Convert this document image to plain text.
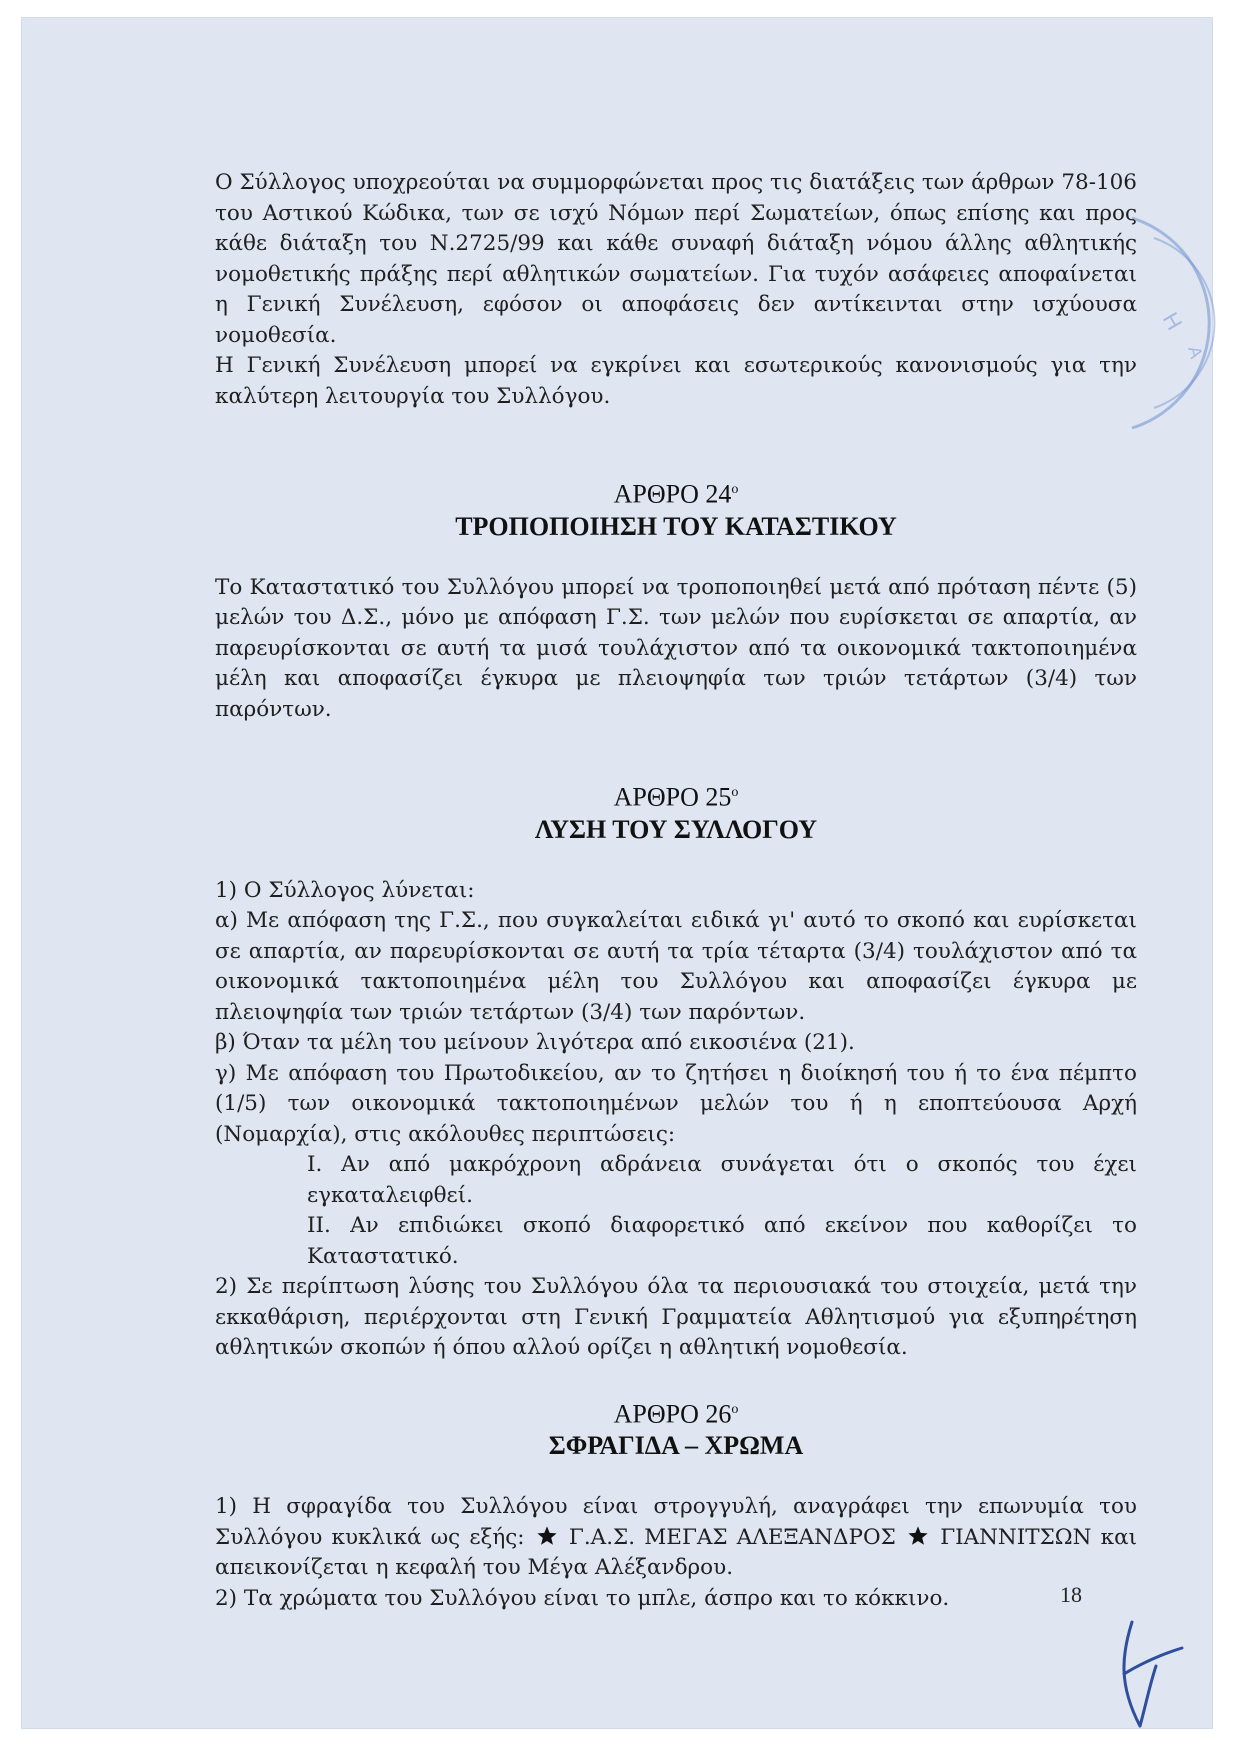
H
A

Ο Σύλλογος υποχρεούται να συμμορφώνεται προς τις διατάξεις των άρθρων 78-106 του Αστικού Κώδικα, των σε ισχύ Νόμων περί Σωματείων, όπως επίσης και προς κάθε διάταξη του Ν.2725/99 και κάθε συναφή διάταξη νόμου άλλης αθλητικής νομοθετικής πράξης περί αθλητικών σωματείων. Για τυχόν ασάφειες αποφαίνεται η Γενική Συνέλευση, εφόσον οι αποφάσεις δεν αντίκεινται στην ισχύουσα νομοθεσία.

Η Γενική Συνέλευση μπορεί να εγκρίνει και εσωτερικούς κανονισμούς για την καλύτερη λειτουργία του Συλλόγου.

ΑΡΘΡΟ $24^o$
ΤΡΟΠΟΠΟΙΗΣΗ ΤΟΥ ΚΑΤΑΣΤΙΚΟΥ

Το Καταστατικό του Συλλόγου μπορεί να τροποποιηθεί μετά από πρόταση πέντε (5) μελών του Δ.Σ., μόνο με απόφαση Γ.Σ. των μελών που ευρίσκεται σε απαρτία, αν παρευρίσκονται σε αυτή τα μισά τουλάχιστον από τα οικονομικά τακτοποιημένα μέλη και αποφασίζει έγκυρα με πλειοψηφία των τριών τετάρτων (3/4) των παρόντων.

ΑΡΘΡΟ $25^o$
ΛΥΣΗ ΤΟΥ ΣΥΛΛΟΓΟΥ

1) Ο Σύλλογος λύνεται:

α) Με απόφαση της Γ.Σ., που συγκαλείται ειδικά γι' αυτό το σκοπό και ευρίσκεται σε απαρτία, αν παρευρίσκονται σε αυτή τα τρία τέταρτα (3/4) τουλάχιστον από τα οικονομικά τακτοποιημένα μέλη του Συλλόγου και αποφασίζει έγκυρα με πλειοψηφία των τριών τετάρτων (3/4) των παρόντων.

β) Όταν τα μέλη του μείνουν λιγότερα από εικοσιένα (21).

γ) Με απόφαση του Πρωτοδικείου, αν το ζητήσει η διοίκησή του ή το ένα πέμπτο (1/5) των οικονομικά τακτοποιημένων μελών του ή η εποπτεύουσα Αρχή (Νομαρχία), στις ακόλουθες περιπτώσεις:

Ι. Αν από μακρόχρονη αδράνεια συνάγεται ότι ο σκοπός του έχει εγκαταλειφθεί.

ΙΙ. Αν επιδιώκει σκοπό διαφορετικό από εκείνον που καθορίζει το Καταστατικό.

2) Σε περίπτωση λύσης του Συλλόγου όλα τα περιουσιακά του στοιχεία, μετά την εκκαθάριση, περιέρχονται στη Γενική Γραμματεία Αθλητισμού για εξυπηρέτηση αθλητικών σκοπών ή όπου αλλού ορίζει η αθλητική νομοθεσία.

ΑΡΘΡΟ $26^o$
ΣΦΡΑΓΙΔΑ – ΧΡΩΜΑ

1) Η σφραγίδα του Συλλόγου είναι στρογγυλή, αναγράφει την επωνυμία του Συλλόγου κυκλικά ως εξής: Γ.Α.Σ. ΜΕΓΑΣ ΑΛΕΞΑΝΔΡΟΣ ΓΙΑΝΝΙΤΣΩΝ και απεικονίζεται η κεφαλή του Μέγα Αλέξανδρου.

2) Τα χρώματα του Συλλόγου είναι το μπλε, άσπρο και το κόκκινο.	18
